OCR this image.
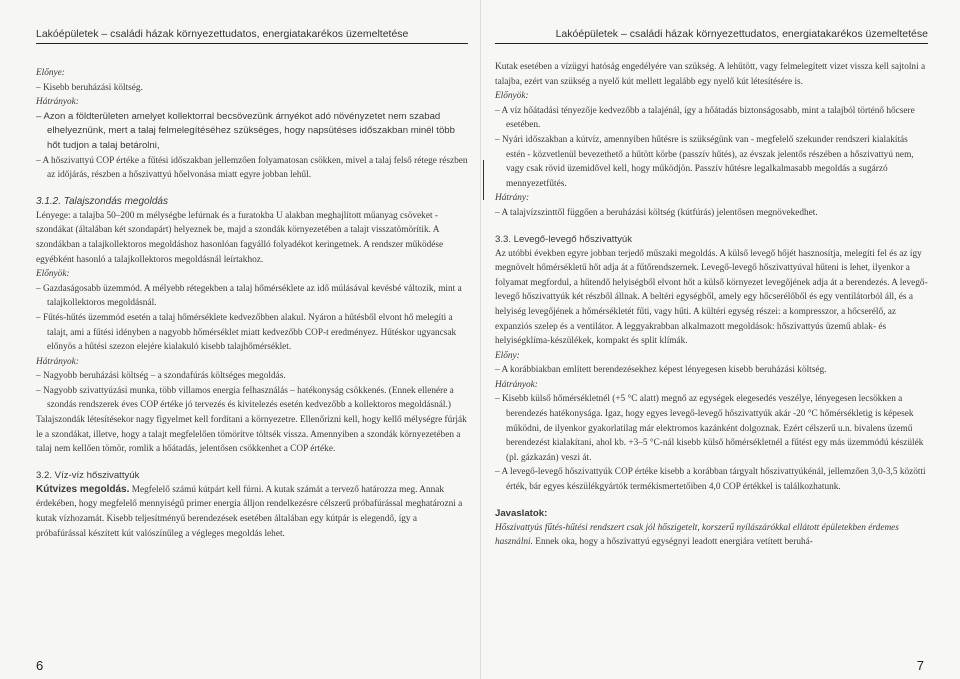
Lakóépületek – családi házak környezettudatos, energiatakarékos üzemeltetése

Előnye:

– Kisebb beruházási költség.

Hátrányok:

– Azon a földterületen amelyet kollektorral becsövezünk árnyékot adó növényzetet nem szabad elhelyeznünk, mert a talaj felmelegítéséhez szükséges, hogy napsütéses időszakban minél több hőt tudjon a talaj betárolni,

– A hőszivattyú COP értéke a fűtési időszakban jellemzően folyamatosan csökken, mivel a talaj felső rétege részben az időjárás, részben a hőszivattyú hőelvonása miatt egyre jobban lehűl.

3.1.2. Talajszondás megoldás

Lényege: a talajba 50–200 m mélységbe lefúrnak és a furatokba U alakban meghajlított műanyag csöveket - szondákat (általában két szondapárt) helyeznek be, majd a szondák környezetében a talajt visszatömörítik. A szondákban a talajkollektoros megoldáshoz hasonlóan fagyálló folyadékot keringetnek. A rendszer működése egyébként hasonló a talajkollektoros megoldásnál leírtakhoz.

Előnyök:

– Gazdaságosabb üzemmód. A mélyebb rétegekben a talaj hőmérséklete az idő múlásával kevésbé változik, mint a talajkollektoros megoldásnál.

– Fűtés-hűtés üzemmód esetén a talaj hőmérséklete kedvezőbben alakul. Nyáron a hűtésből elvont hő melegíti a talajt, ami a fűtési idényben a nagyobb hőmérséklet miatt kedvezőbb COP-t eredményez. Hűtéskor ugyancsak előnyös a hűtési szezon elejére kialakuló kisebb talajhőmérséklet.

Hátrányok:

– Nagyobb beruházási költség – a szondafúrás költséges megoldás.

– Nagyobb szivattyúzási munka, több villamos energia felhasználás – hatékonyság csökkenés. (Ennek ellenére a szondás rendszerek éves COP értéke jó tervezés és kivitelezés esetén kedvezőbb a kollektoros megoldásnál.)

Talajszondák létesítésekor nagy figyelmet kell fordítani a környezetre. Ellenőrizni kell, hogy kellő mélységre fúrják le a szondákat, illetve, hogy a talajt megfelelően tömörítve töltsék vissza. Amennyiben a szondák környezetében a talaj nem kellően tömör, romlik a hőátadás, jelentősen csökkenhet a COP értéke.

3.2. Víz-víz hőszivattyúk

Kútvizes megoldás. Megfelelő számú kútpárt kell fúrni. A kutak számát a tervező határozza meg. Annak érdekében, hogy megfelelő mennyiségű primer energia álljon rendelkezésre célszerű próbafúrással meghatározni a kutak vízhozamát. Kisebb teljesítményű berendezések esetében általában egy kútpár is elegendő, így a próbafúrással készített kút valószínűleg a végleges megoldás lehet.

6
Lakóépületek – családi házak környezettudatos, energiatakarékos üzemeltetése

Kutak esetében a vízügyi hatóság engedélyére van szükség. A lehűtött, vagy felmelegített vizet vissza kell sajtolni a talajba, ezért van szükség a nyelő kút mellett legalább egy nyelő kút létesítésére is.

Előnyök:

– A víz hőátadási tényezője kedvezőbb a talajénál, így a hőátadás biztonságosabb, mint a talajból történő hőcsere esetében.

– Nyári időszakban a kútvíz, amennyiben hűtésre is szükségünk van - megfelelő szekunder rendszeri kialakítás estén - közvetlenül bevezethető a hűtött körbe (passzív hűtés), az évszak jelentős részében a hőszivattyú nem, vagy csak rövid üzemidővel kell, hogy működjön. Passzív hűtésre legalkalmasabb megoldás a sugárzó mennyezetfűtés.

Hátrány:

– A talajvízszinttől függően a beruházási költség (kútfúrás) jelentősen megnövekedhet.

3.3. Levegő-levegő hőszivattyúk

Az utóbbi években egyre jobban terjedő műszaki megoldás. A külső levegő hőjét hasznosítja, melegíti fel és az így megnövelt hőmérsékletű hőt adja át a fűtőrendszernek. Levegő-levegő hőszivattyúval hűteni is lehet, ilyenkor a folyamat megfordul, a hűtendő helyiségből elvont hőt a külső környezet levegőjének adja át a berendezés. A levegő-levegő hőszivattyúk két részből állnak. A beltéri egységből, amely egy hőcserélőből és egy ventilátorból áll, és a helyiség levegőjének a hőmérsékletét fűti, vagy hűti. A kültéri egység részei: a kompresszor, a hőcserélő, az expanziós szelep és a ventilátor. A leggyakrabban alkalmazott megoldások: hőszivattyús üzemű ablak- és helyiségklíma-készülékek, kompakt és split klímák.

Előny:

– A korábbiakban említett berendezésekhez képest lényegesen kisebb beruházási költség.

Hátrányok:

– Kisebb külső hőmérsékletnél (+5 °C alatt) megnő az egységek elegesedés veszélye, lényegesen lecsökken a berendezés hatékonysága. Igaz, hogy egyes levegő-levegő hőszivattyúk akár -20 °C hőmérsékletig is képesek működni, de ilyenkor gyakorlatilag már elektromos kazánként dolgoznak. Ezért célszerű u.n. bivalens üzemű berendezést kialakítani, ahol kb. +3–5 °C-nál kisebb külső hőmérsékletnél a fűtést egy más üzemmódú készülék (pl. gázkazán) veszi át.

– A levegő-levegő hőszivattyúk COP értéke kisebb a korábban tárgyalt hőszivattyúkénál, jellemzően 3,0-3,5 közötti érték, bár egyes készülékgyártók termékismertetőiben 4,0 COP értékkel is találkozhatunk.

Javaslatok:

Hőszivattyús fűtés-hűtési rendszert csak jól hőszigetelt, korszerű nyílászárókkal ellátott épületekben érdemes használni. Ennek oka, hogy a hőszivattyú egységnyi leadott energiára vetített beruhá-

7
